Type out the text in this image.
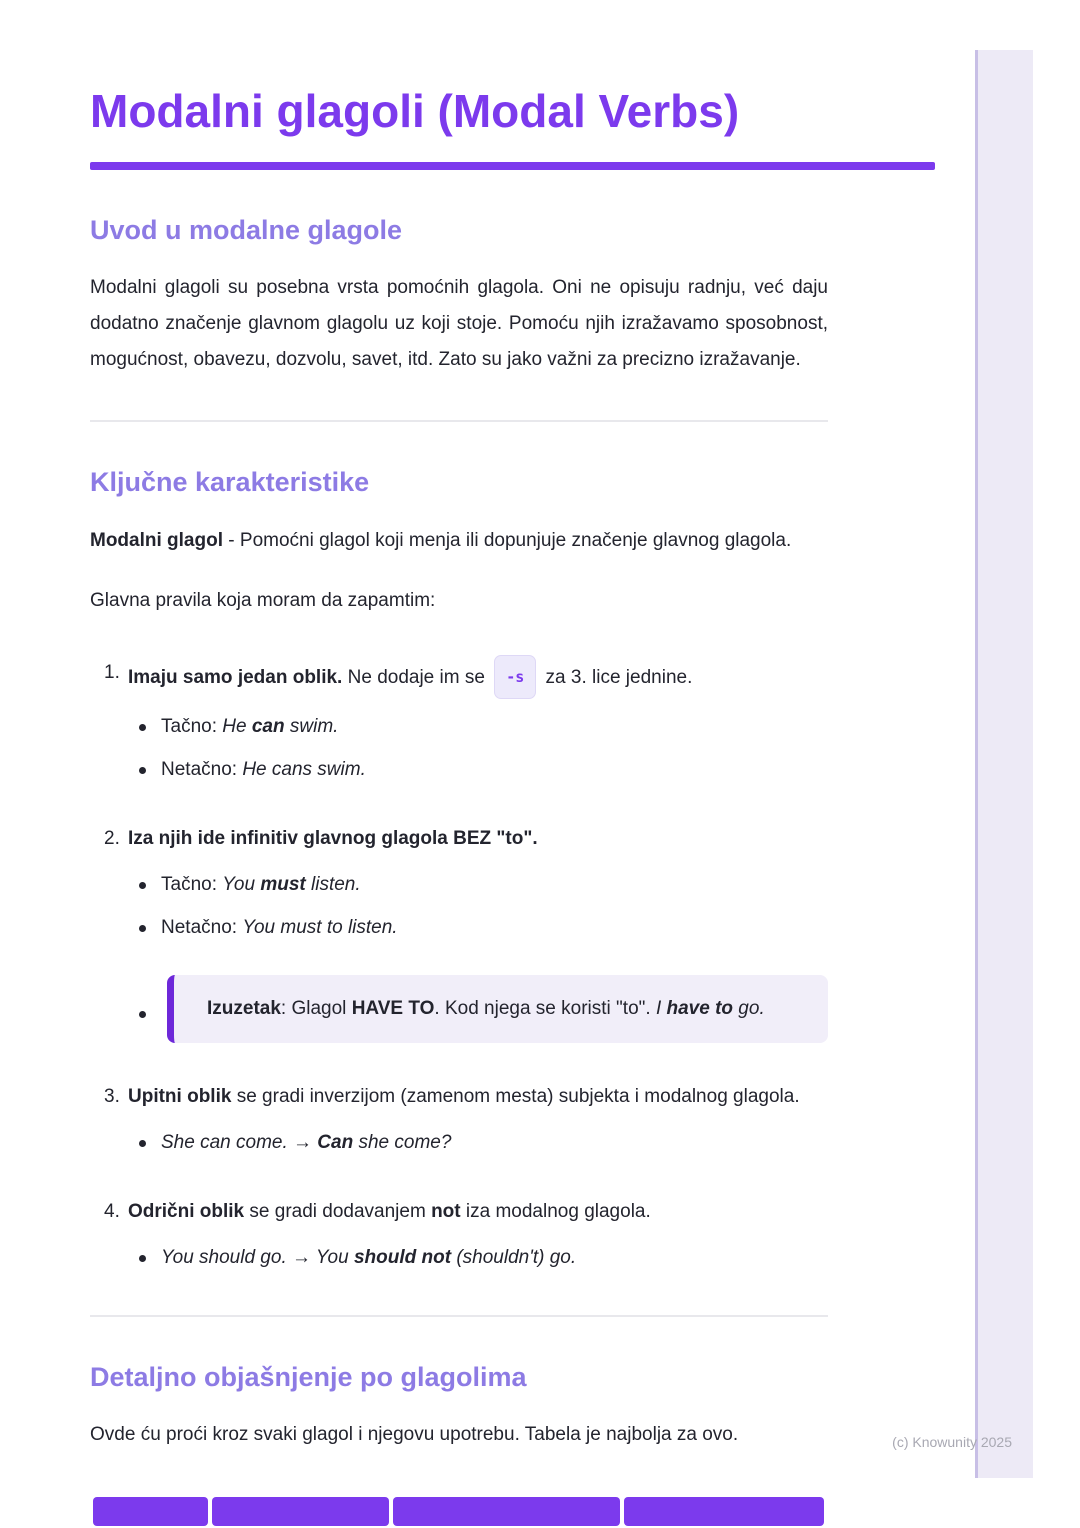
(c) Knowunity 2025
Modalni glagoli (Modal Verbs)
Uvod u modalne glagole

Modalni glagoli su posebna vrsta pomoćnih glagola. Oni ne opisuju radnju, već daju dodatno značenje glavnom glagolu uz koji stoje. Pomoću njih izražavamo sposobnost, mogućnost, obavezu, dozvolu, savet, itd. Zato su jako važni za precizno izražavanje.

Ključne karakteristike

Modalni glagol - Pomoćni glagol koji menja ili dopunjuje značenje glavnog glagola.

Glavna pravila koja moram da zapamtim:

1. Imaju samo jedan oblik. Ne dodaje im se -s za 3. lice jednine.

Tačno: He can swim.

Netačno: He cans swim.

2. Iza njih ide infinitiv glavnog glagola BEZ "to".

Tačno: You must listen.

Netačno: You must to listen.

Izuzetak: Glagol HAVE TO. Kod njega se koristi "to". I have to go.
3. Upitni oblik se gradi inverzijom (zamenom mesta) subjekta i modalnog glagola.

She can come. → Can she come?

4. Odrični oblik se gradi dodavanjem not iza modalnog glagola.

You should go. → You should not (shouldn't) go.

Detaljno objašnjenje po glagolima

Ovde ću proći kroz svaki glagol i njegovu upotrebu. Tabela je najbolja za ovo.
